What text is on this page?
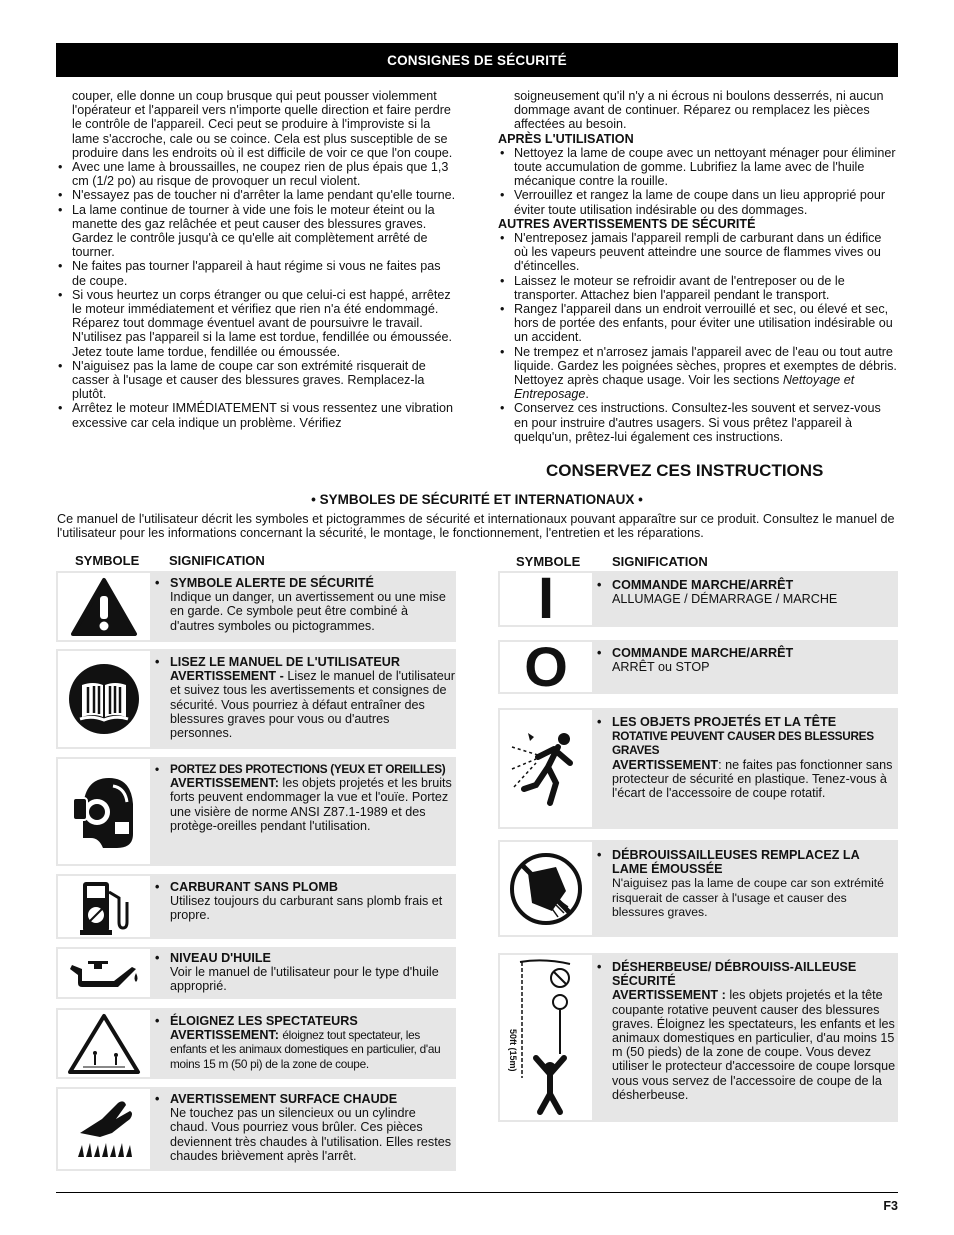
CONSIGNES DE SÉCURITÉ

couper, elle donne un coup brusque qui peut pousser violemment l'opérateur et l'appareil vers n'importe quelle direction et faire perdre le contrôle de l'appareil. Ceci peut se produire à l'improviste si la lame s'accroche, cale ou se coince. Cela est plus susceptible de se produire dans les endroits où il est difficile de voir ce que l'on coupe.

• Avec une lame à broussailles, ne coupez rien de plus épais que 1,3 cm (1/2 po) au risque de provoquer un recul violent.

• N'essayez pas de toucher ni d'arrêter la lame pendant qu'elle tourne.

• La lame continue de tourner à vide une fois le moteur éteint ou la manette des gaz relâchée et peut causer des blessures graves. Gardez le contrôle jusqu'à ce qu'elle ait complètement arrêté de tourner.

• Ne faites pas tourner l'appareil à haut régime si vous ne faites pas de coupe.

• Si vous heurtez un corps étranger ou que celui-ci est happé, arrêtez le moteur immédiatement et vérifiez que rien n'a été endommagé. Réparez tout dommage éventuel avant de poursuivre le travail. N'utilisez pas l'appareil si la lame est tordue, fendillée ou émoussée. Jetez toute lame tordue, fendillée ou émoussée.

• N'aiguisez pas la lame de coupe car son extrémité risquerait de casser à l'usage et causer des blessures graves. Remplacez-la plutôt.

• Arrêtez le moteur IMMÉDIATEMENT si vous ressentez une vibration excessive car cela indique un problème. Vérifiez

soigneusement qu'il n'y a ni écrous ni boulons desserrés, ni aucun dommage avant de continuer. Réparez ou remplacez les pièces affectées au besoin.

APRÈS L'UTILISATION

• Nettoyez la lame de coupe avec un nettoyant ménager pour éliminer toute accumulation de gomme. Lubrifiez la lame avec de l'huile mécanique contre la rouille.

• Verrouillez et rangez la lame de coupe dans un lieu approprié pour éviter toute utilisation indésirable ou des dommages.

AUTRES AVERTISSEMENTS DE SÉCURITÉ

• N'entreposez jamais l'appareil rempli de carburant dans un édifice où les vapeurs peuvent atteindre une source de flammes vives ou d'étincelles.

• Laissez le moteur se refroidir avant de l'entreposer ou de le transporter. Attachez bien l'appareil pendant le transport.

• Rangez l'appareil dans un endroit verrouillé et sec, ou élevé et sec, hors de portée des enfants, pour éviter une utilisation indésirable ou un accident.

• Ne trempez et n'arrosez jamais l'appareil avec de l'eau ou tout autre liquide. Gardez les poignées sèches, propres et exemptes de débris. Nettoyez après chaque usage. Voir les sections Nettoyage et Entreposage.

• Conservez ces instructions. Consultez-les souvent et servez-vous en pour instruire d'autres usagers. Si vous prêtez l'appareil à quelqu'un, prêtez-lui également ces instructions.

CONSERVEZ CES INSTRUCTIONS
• SYMBOLES DE SÉCURITÉ ET INTERNATIONAUX •
Ce manuel de l'utilisateur décrit les symboles et pictogrammes de sécurité et internationaux pouvant apparaître sur ce produit. Consultez le manuel de l'utilisateur pour les informations concernant la sécurité, le montage, le fonctionnement, l'entretien et les réparations.
SYMBOLE SIGNIFICATION	SYMBOLE SIGNIFICATION
• SYMBOLE ALERTE DE SÉCURITÉ
Indique un danger, un avertissement ou une mise en garde. Ce symbole peut être combiné à d'autres symboles ou pictogrammes.
• LISEZ LE MANUEL DE L'UTILISATEUR
AVERTISSEMENT - Lisez le manuel de l'utilisateur et suivez tous les avertissements et consignes de sécurité. Vous pourriez à défaut entraîner des blessures graves pour vous ou d'autres personnes.
• PORTEZ DES PROTECTIONS (YEUX ET OREILLES)
AVERTISSEMENT: les objets projetés et les bruits forts peuvent endommager la vue et l'ouïe. Portez une visière de norme ANSI Z87.1-1989 et des protège-oreilles pendant l'utilisation.
• CARBURANT SANS PLOMB
Utilisez toujours du carburant sans plomb frais et propre.
• NIVEAU D'HUILE
Voir le manuel de l'utilisateur pour le type d'huile approprié.
• ÉLOIGNEZ LES SPECTATEURS
AVERTISSEMENT: éloignez tout spectateur, les enfants et les animaux domestiques en particulier, d'au moins 15 m (50 pi) de la zone de coupe.
• AVERTISSEMENT SURFACE CHAUDE
Ne touchez pas un silencieux ou un cylindre chaud. Vous pourriez vous brûler. Ces pièces deviennent très chaudes à l'utilisation. Elles restes chaudes brièvement après l'arrêt.
I	• COMMANDE MARCHE/ARRÊT
ALLUMAGE / DÉMARRAGE / MARCHE
O	• COMMANDE MARCHE/ARRÊT
ARRÊT ou STOP
• LES OBJETS PROJETÉS ET LA TÊTE
ROTATIVE PEUVENT CAUSER DES BLESSURES GRAVES
AVERTISSEMENT: ne faites pas fonctionner sans protecteur de sécurité en plastique. Tenez-vous à l'écart de l'accessoire de coupe rotatif.
• DÉBROUISSAILLEUSES REMPLACEZ LA LAME ÉMOUSSÉE
N'aiguisez pas la lame de coupe car son extrémité risquerait de casser à l'usage et causer des blessures graves.
50ft (15m)
• DÉSHERBEUSE/ DÉBROUISS-AILLEUSE SÉCURITÉ
AVERTISSEMENT : les objets projetés et la tête coupante rotative peuvent causer des blessures graves. Éloignez les spectateurs, les enfants et les animaux domestiques en particulier, d'au moins 15 m (50 pieds) de la zone de coupe. Vous devez utiliser le protecteur d'accessoire de coupe lorsque vous vous servez de l'accessoire de coupe de la désherbeuse.
F3
